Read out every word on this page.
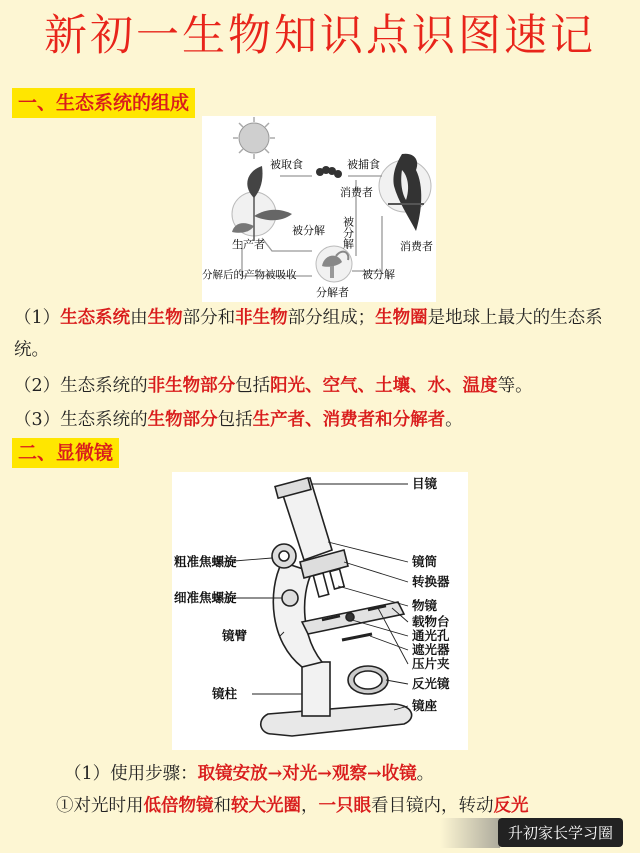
新初一生物知识点识图速记
一、生态系统的组成
被取食	被捕食
消费者
被分解
被分解
生产者	消费者
被分解
分解后的产物被吸收
分解者
（1）生态系统由生物部分和非生物部分组成；生物圈是地球上最大的生态系统。
（2）生态系统的非生物部分包括阳光、空气、土壤、水、温度等。
（3）生态系统的生物部分包括生产者、消费者和分解者。
二、显微镜
目镜
粗准焦螺旋	镜筒
转换器
细准焦螺旋
物镜
载物台
通光孔
镜臂
遮光器
压片夹
反光镜
镜柱
镜座
（1）使用步骤：取镜安放→对光→观察→收镜。
①对光时用低倍物镜和较大光圈，一只眼看目镜内，转动反光
升初家长学习圈
